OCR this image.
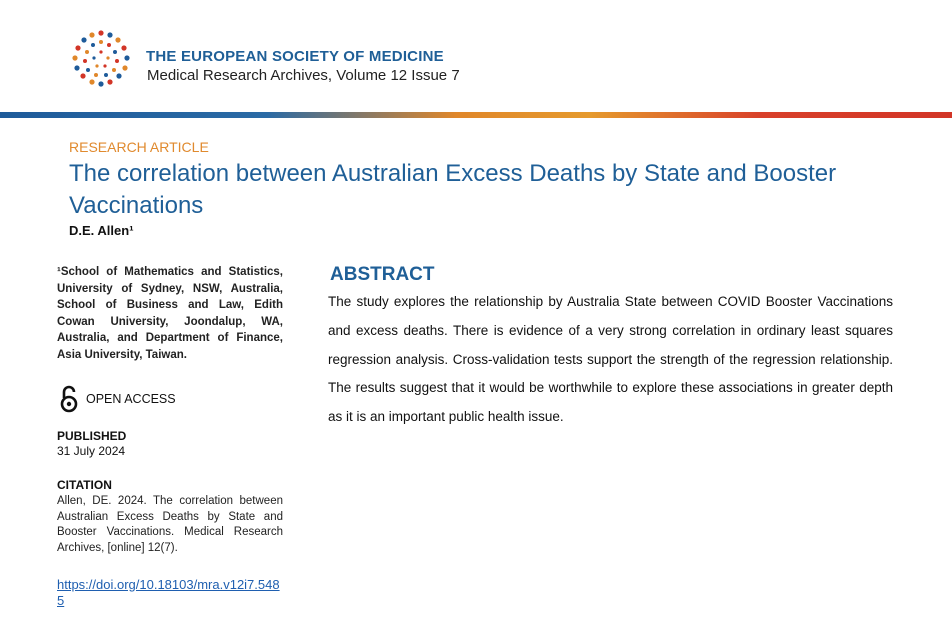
THE EUROPEAN SOCIETY OF MEDICINE
Medical Research Archives, Volume 12 Issue 7
RESEARCH ARTICLE
The correlation between Australian Excess Deaths by State and Booster Vaccinations
D.E. Allen¹
¹School of Mathematics and Statistics, University of Sydney, NSW, Australia, School of Business and Law, Edith Cowan University, Joondalup, WA, Australia, and Department of Finance, Asia University, Taiwan.
OPEN ACCESS
PUBLISHED
31 July 2024
CITATION
Allen, DE. 2024. The correlation between Australian Excess Deaths by State and Booster Vaccinations. Medical Research Archives, [online] 12(7).
https://doi.org/10.18103/mra.v12i7.5485
ABSTRACT

The study explores the relationship by Australia State between COVID Booster Vaccinations and excess deaths. There is evidence of a very strong correlation in ordinary least squares regression analysis. Cross-validation tests support the strength of the regression relationship. The results suggest that it would be worthwhile to explore these associations in greater depth as it is an important public health issue.
